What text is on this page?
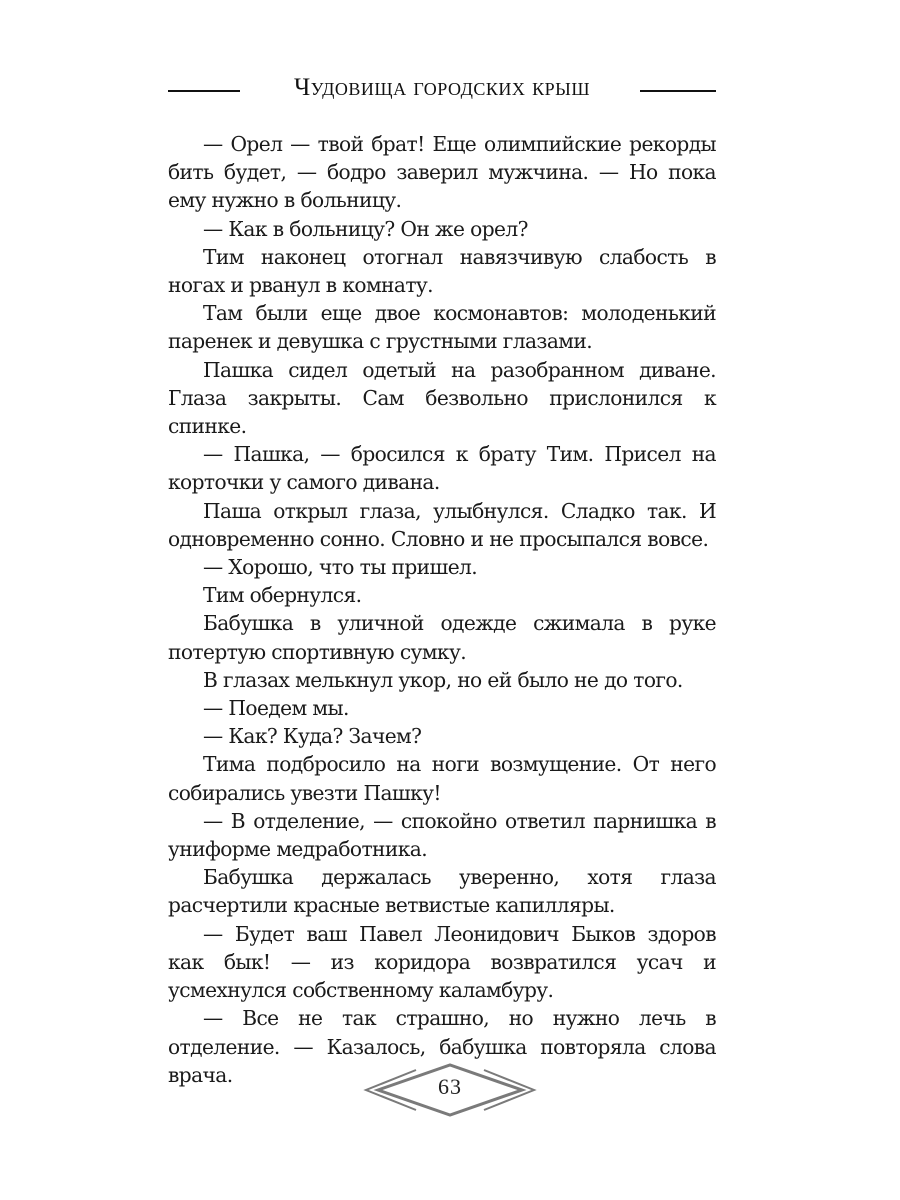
Чудовища городских крыш

— Орел — твой брат! Еще олимпийские рекорды бить будет, — бодро заверил мужчина. — Но пока ему нужно в больницу.

— Как в больницу? Он же орел?

Тим наконец отогнал навязчивую слабость в ногах и рванул в комнату.

Там были еще двое космонавтов: молоденький паренек и девушка с грустными глазами.

Пашка сидел одетый на разобранном диване. Глаза закрыты. Сам безвольно прислонился к спинке.

— Пашка, — бросился к брату Тим. Присел на корточки у самого дивана.

Паша открыл глаза, улыбнулся. Сладко так. И одновременно сонно. Словно и не просыпался вовсе.

— Хорошо, что ты пришел.

Тим обернулся.

Бабушка в уличной одежде сжимала в руке потертую спортивную сумку.

В глазах мелькнул укор, но ей было не до того.

— Поедем мы.

— Как? Куда? Зачем?

Тима подбросило на ноги возмущение. От него собирались увезти Пашку!

— В отделение, — спокойно ответил парнишка в униформе медработника.

Бабушка держалась уверенно, хотя глаза расчертили красные ветвистые капилляры.

— Будет ваш Павел Леонидович Быков здоров как бык! — из коридора возвратился усач и усмехнулся собственному каламбуру.

— Все не так страшно, но нужно лечь в отделение. — Казалось, бабушка повторяла слова врача.	63
